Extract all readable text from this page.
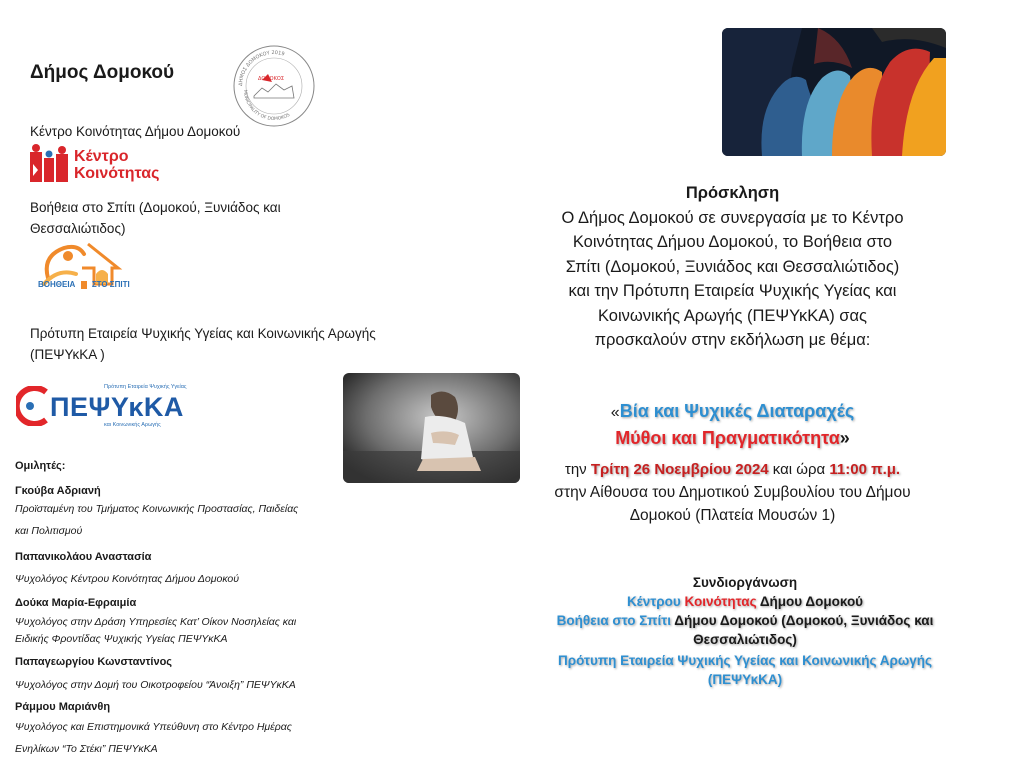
Δήμος Δομοκού	ΔΟΜΟΚΟΣ
ΔΗΜΟΣ ΔΟΜΟΚΟΥ 2019
MUNICIPALITY OF DOMOKOS
Κέντρο Κοινότητας Δήμου Δομοκού
Κέντρο
Κοινότητας
Βοήθεια στο Σπίτι (Δομοκού, Ξυνιάδος και
Θεσσαλιώτιδος)
ΒΟΗΘΕΙΑ ΣΤΟ ΣΠΙΤΙ
Πρότυπη Εταιρεία Ψυχικής Υγείας και Κοινωνικής Αρωγής
(ΠΕΨΥκΚΑ )
ΠΕΨΥκΚΑ
Πρότυπη Εταιρεία Ψυχικής Υγείας
και Κοινωνικής Αρωγής
Ομιλητές:
Γκούβα Αδριανή
Προϊσταμένη του Τμήματος Κοινωνικής Προστασίας, Παιδείας
και Πολιτισμού
Παπανικολάου Αναστασία
Ψυχολόγος Κέντρου Κοινότητας Δήμου Δομοκού
Δούκα Μαρία-Εφραιμία
Ψυχολόγος στην Δράση Υπηρεσίες Κατ’ Οίκον Νοσηλείας και
Ειδικής Φροντίδας Ψυχικής Υγείας ΠΕΨΥκΚΑ
Παπαγεωργίου Κωνσταντίνος
Ψυχολόγος στην Δομή του Οικοτροφείου “Άνοιξη” ΠΕΨΥκΚΑ
Ράμμου Μαριάνθη
Ψυχολόγος και Επιστημονικά Υπεύθυνη στο Κέντρο Ημέρας
Ενηλίκων “Το Στέκι” ΠΕΨΥκΚΑ
Πρόσκληση
Ο Δήμος Δομοκού σε συνεργασία με το Κέντρο
Κοινότητας Δήμου Δομοκού, το Βοήθεια στο
Σπίτι (Δομοκού, Ξυνιάδος και Θεσσαλιώτιδος)
και την Πρότυπη Εταιρεία Ψυχικής Υγείας και
Κοινωνικής Αρωγής (ΠΕΨΥκΚΑ) σας
προσκαλούν στην εκδήλωση με θέμα:
«Βία και Ψυχικές Διαταραχές
Μύθοι και Πραγματικότητα»
την Τρίτη 26 Νοεμβρίου 2024 και ώρα 11:00 π.μ.
στην Αίθουσα του Δημοτικού Συμβουλίου του Δήμου
Δομοκού (Πλατεία Μουσών 1)
Συνδιοργάνωση
Κέντρου Κοινότητας Δήμου Δομοκού
Βοήθεια στο Σπίτι Δήμου Δομοκού (Δομοκού, Ξυνιάδος και
Θεσσαλιώτιδος)
Πρότυπη Εταιρεία Ψυχικής Υγείας και Κοινωνικής Αρωγής
(ΠΕΨΥκΚΑ)
